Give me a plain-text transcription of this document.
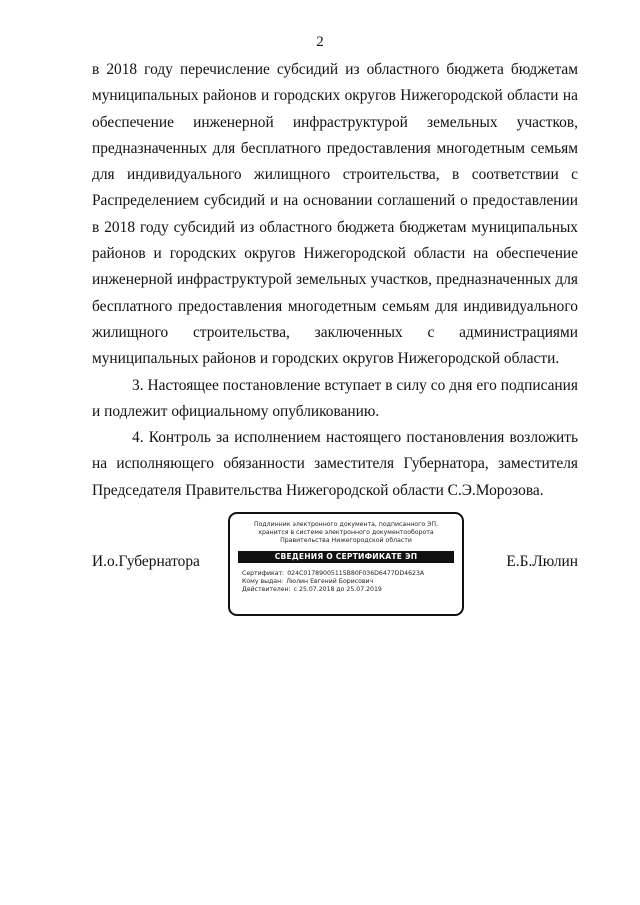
2

в 2018 году перечисление субсидий из областного бюджета бюджетам муниципальных районов и городских округов Нижегородской области на обеспечение инженерной инфраструктурой земельных участков, предназначенных для бесплатного предоставления многодетным семьям для индивидуального жилищного строительства, в соответствии с Распределением субсидий и на основании соглашений о предоставлении в 2018 году субсидий из областного бюджета бюджетам муниципальных районов и городских округов Нижегородской области на обеспечение инженерной инфраструктурой земельных участков, предназначенных для бесплатного предоставления многодетным семьям для индивидуального жилищного строительства, заключенных с администрациями муниципальных районов и городских округов Нижегородской области.

3. Настоящее постановление вступает в силу со дня его подписания и подлежит официальному опубликованию.

4. Контроль за исполнением настоящего постановления возложить на исполняющего обязанности заместителя Губернатора, заместителя Председателя Правительства Нижегородской области С.Э.Морозова.

И.о.Губернатора
Подлинник электронного документа, подписанного ЭП,
хранится в системе электронного документооборота
Правительства Нижегородской области
СВЕДЕНИЯ О СЕРТИФИКАТЕ ЭП
Сертификат: 024C01789005115B80F036D6477DD4623A
Кому выдан: Люлин Евгений Борисович
Действителен: с 25.07.2018 до 25.07.2019
Е.Б.Люлин
